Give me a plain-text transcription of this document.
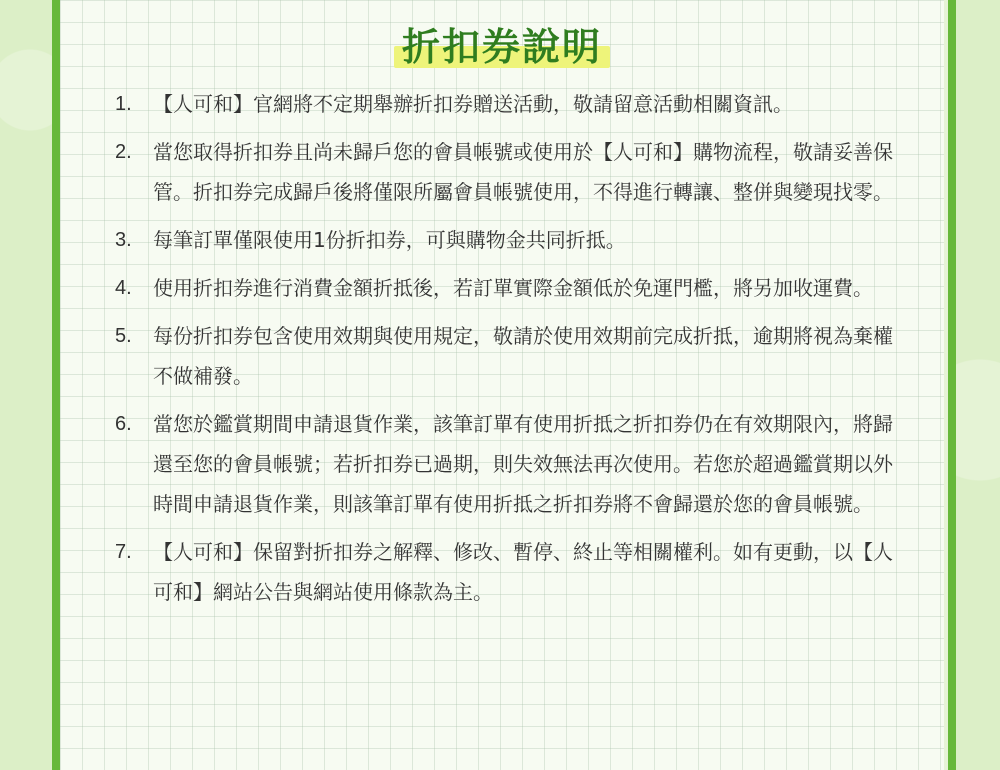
折扣券說明
1.	【人可和】官網將不定期舉辦折扣券贈送活動，敬請留意活動相關資訊。
2.	當您取得折扣券且尚未歸戶您的會員帳號或使用於【人可和】購物流程，敬請妥善保管。折扣券完成歸戶後將僅限所屬會員帳號使用，不得進行轉讓、整併與變現找零。
3.	每筆訂單僅限使用1份折扣券，可與購物金共同折抵。
4.	使用折扣券進行消費金額折抵後，若訂單實際金額低於免運門檻，將另加收運費。
5.	每份折扣券包含使用效期與使用規定，敬請於使用效期前完成折抵，逾期將視為棄權不做補發。
6.	當您於鑑賞期間申請退貨作業，該筆訂單有使用折抵之折扣券仍在有效期限內，將歸還至您的會員帳號；若折扣券已過期，則失效無法再次使用。若您於超過鑑賞期以外時間申請退貨作業，則該筆訂單有使用折抵之折扣券將不會歸還於您的會員帳號。
7.	【人可和】保留對折扣券之解釋、修改、暫停、終止等相關權利。如有更動，以【人可和】網站公告與網站使用條款為主。
